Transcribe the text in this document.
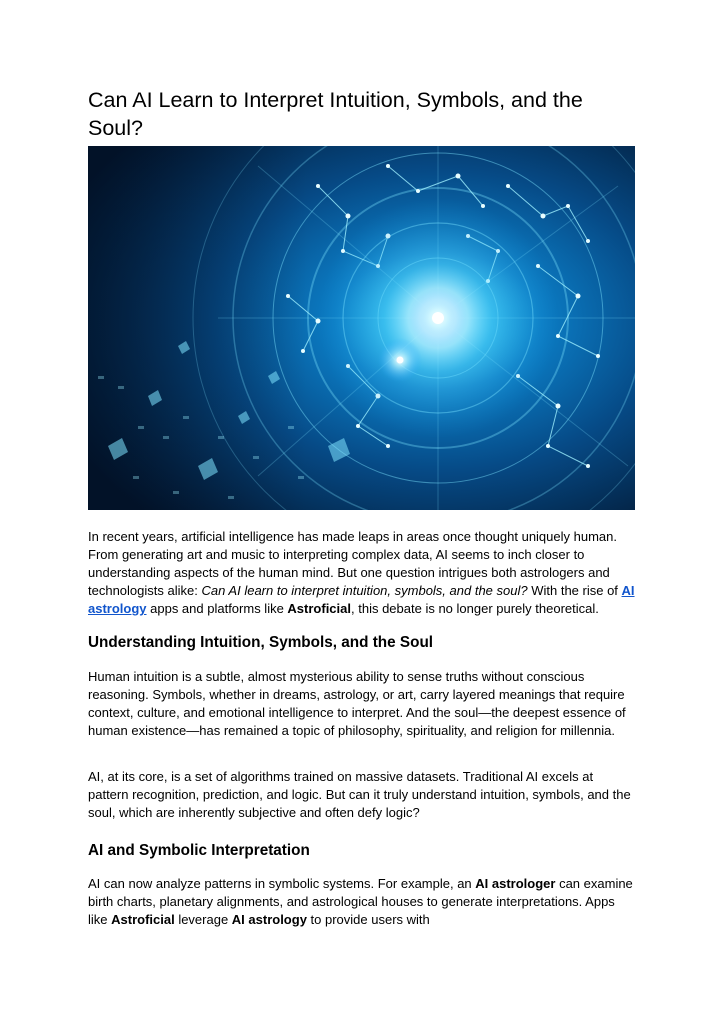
Can AI Learn to Interpret Intuition, Symbols, and the Soul?

In recent years, artificial intelligence has made leaps in areas once thought uniquely human. From generating art and music to interpreting complex data, AI seems to inch closer to understanding aspects of the human mind. But one question intrigues both astrologers and technologists alike: Can AI learn to interpret intuition, symbols, and the soul? With the rise of AI astrology apps and platforms like Astroficial, this debate is no longer purely theoretical.

Understanding Intuition, Symbols, and the Soul

Human intuition is a subtle, almost mysterious ability to sense truths without conscious reasoning. Symbols, whether in dreams, astrology, or art, carry layered meanings that require context, culture, and emotional intelligence to interpret. And the soul—the deepest essence of human existence—has remained a topic of philosophy, spirituality, and religion for millennia.

AI, at its core, is a set of algorithms trained on massive datasets. Traditional AI excels at pattern recognition, prediction, and logic. But can it truly understand intuition, symbols, and the soul, which are inherently subjective and often defy logic?

AI and Symbolic Interpretation

AI can now analyze patterns in symbolic systems. For example, an AI astrologer can examine birth charts, planetary alignments, and astrological houses to generate interpretations. Apps like Astroficial leverage AI astrology to provide users with
